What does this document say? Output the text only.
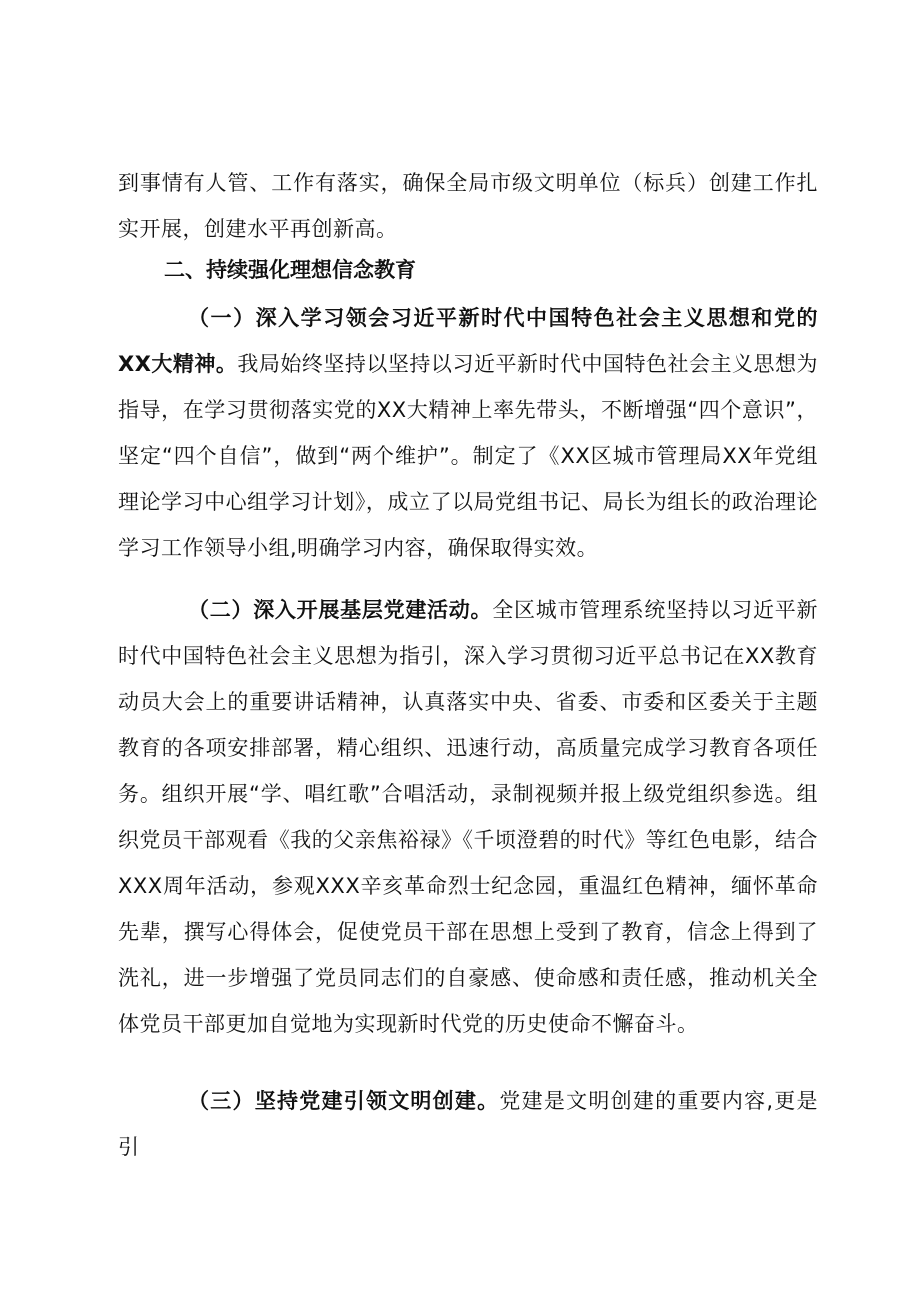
到事情有人管、工作有落实，确保全局市级文明单位（标兵）创建工作扎实开展，创建水平再创新高。

二、持续强化理想信念教育

（一）深入学习领会习近平新时代中国特色社会主义思想和党的XX大精神。我局始终坚持以坚持以习近平新时代中国特色社会主义思想为指导，在学习贯彻落实党的XX大精神上率先带头，不断增强“四个意识”，坚定“四个自信”，做到“两个维护”。制定了《XX区城市管理局XX年党组理论学习中心组学习计划》，成立了以局党组书记、局长为组长的政治理论学习工作领导小组,明确学习内容，确保取得实效。

（二）深入开展基层党建活动。全区城市管理系统坚持以习近平新时代中国特色社会主义思想为指引，深入学习贯彻习近平总书记在XX教育动员大会上的重要讲话精神，认真落实中央、省委、市委和区委关于主题教育的各项安排部署，精心组织、迅速行动，高质量完成学习教育各项任务。组织开展“学、唱红歌”合唱活动，录制视频并报上级党组织参选。组织党员干部观看《我的父亲焦裕禄》《千顷澄碧的时代》等红色电影，结合XXX周年活动，参观XXX辛亥革命烈士纪念园，重温红色精神，缅怀革命先辈，撰写心得体会，促使党员干部在思想上受到了教育，信念上得到了洗礼，进一步增强了党员同志们的自豪感、使命感和责任感，推动机关全体党员干部更加自觉地为实现新时代党的历史使命不懈奋斗。

（三）坚持党建引领文明创建。党建是文明创建的重要内容,更是引
